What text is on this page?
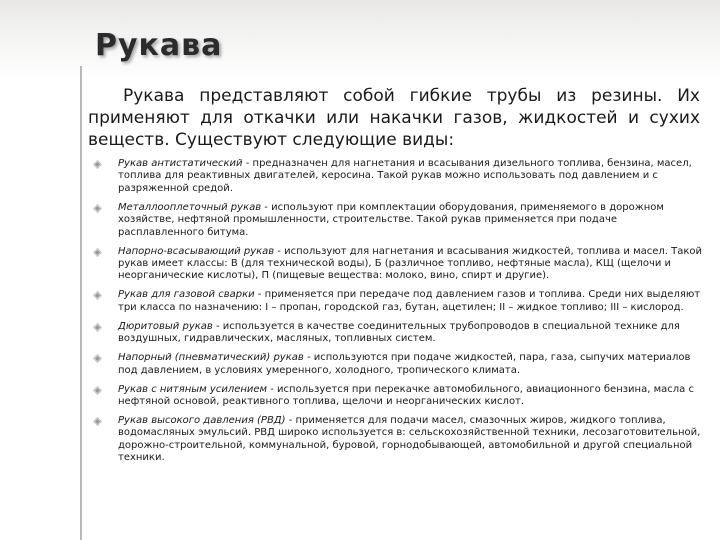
Рукава

Рукава представляют собой гибкие трубы из резины. Их применяют для откачки или накачки газов, жидкостей и сухих веществ. Существуют следующие виды:

Рукав антистатический - предназначен для нагнетания и всасывания дизельного топлива, бензина, масел, топлива для реактивных двигателей, керосина. Такой рукав можно использовать под давлением и с разряженной средой.
Металлооплеточный рукав - используют при комплектации оборудования, применяемого в дорожном хозяйстве, нефтяной промышленности, строительстве. Такой рукав применяется при подаче расплавленного битума.
Напорно-всасывающий рукав - используют для нагнетания и всасывания жидкостей, топлива и масел. Такой рукав имеет классы: В (для технической воды), Б (различное топливо, нефтяные масла), КЩ (щелочи и неорганические кислоты), П (пищевые вещества: молоко, вино, спирт и другие).
Рукав для газовой сварки - применяется при передаче под давлением газов и топлива. Среди них выделяют три класса по назначению: I – пропан, городской газ, бутан, ацетилен; II – жидкое топливо; III – кислород.
Дюритовый рукав - используется в качестве соединительных трубопроводов в специальной технике для воздушных, гидравлических, масляных, топливных систем.
Напорный (пневматический) рукав - используются при подаче жидкостей, пара, газа, сыпучих материалов под давлением, в условиях умеренного, холодного, тропического климата.
Рукав с нитяным усилением - используется при перекачке автомобильного, авиационного бензина, масла с нефтяной основой, реактивного топлива, щелочи и неорганических кислот.
Рукав высокого давления (РВД) - применяется для подачи масел, смазочных жиров, жидкого топлива, водомасляных эмульсий. РВД широко используется в: сельскохозяйственной техники, лесозаготовительной, дорожно-строительной, коммунальной, буровой, горнодобывающей, автомобильной и другой специальной техники.
